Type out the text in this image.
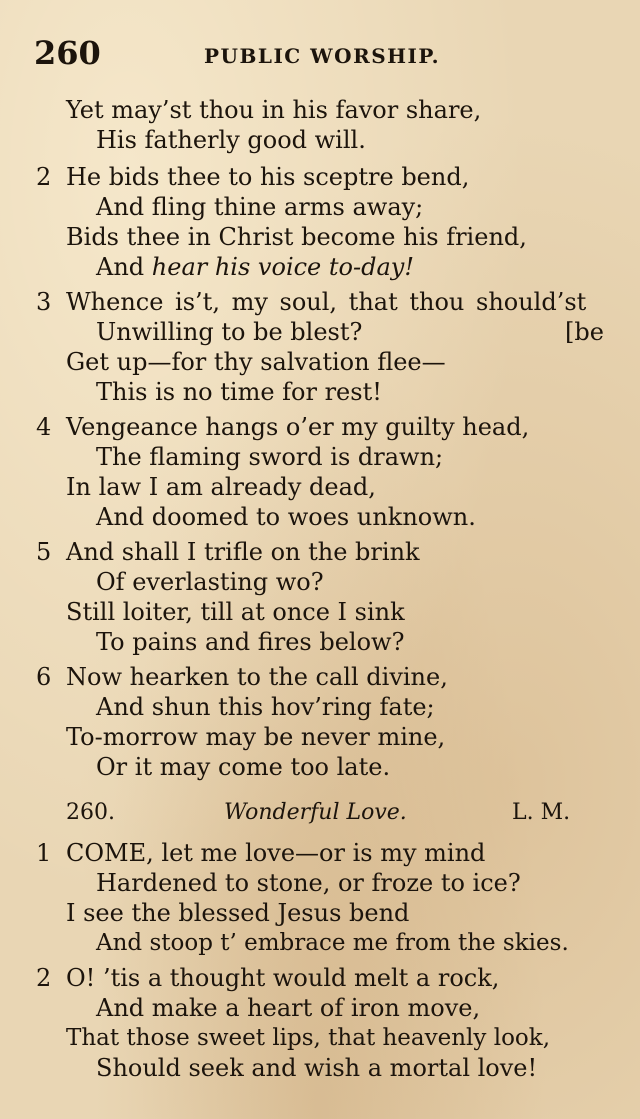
260	PUBLIC WORSHIP.
Yet may’st thou in his favor share,
His fatherly good will.
2 He bids thee to his sceptre bend,
And fling thine arms away;
Bids thee in Christ become his friend,
And hear his voice to-day!
3 Whence is’t, my soul, that thou should’st
Unwilling to be blest?	[be
Get up—for thy salvation flee—
This is no time for rest!
4 Vengeance hangs o’er my guilty head,
The flaming sword is drawn;
In law I am already dead,
And doomed to woes unknown.
5 And shall I trifle on the brink
Of everlasting wo?
Still loiter, till at once I sink
To pains and fires below?
6 Now hearken to the call divine,
And shun this hov’ring fate;
To-morrow may be never mine,
Or it may come too late.
260.	Wonderful Love.	L. M.
1 COME, let me love—or is my mind
Hardened to stone, or froze to ice?
I see the blessed Jesus bend
And stoop t’ embrace me from the skies.
2 O! ’tis a thought would melt a rock,
And make a heart of iron move,
That those sweet lips, that heavenly look,
Should seek and wish a mortal love!
